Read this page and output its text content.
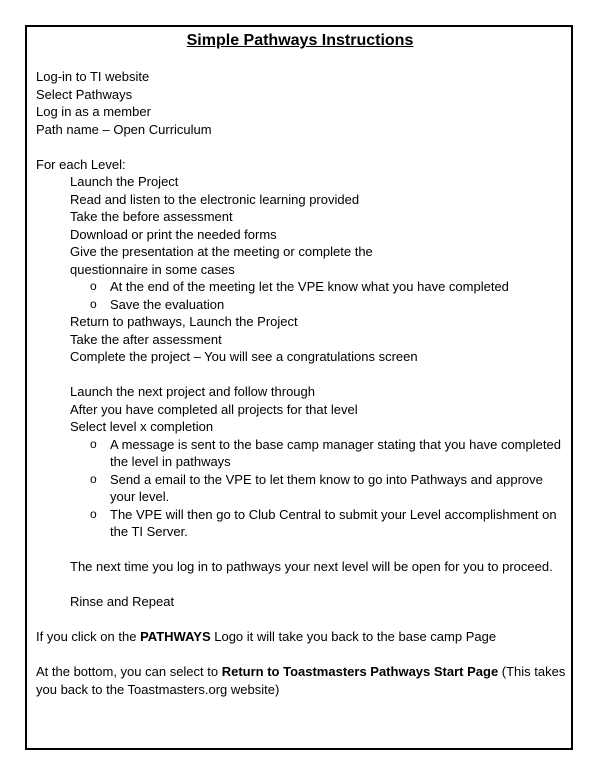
Simple Pathways Instructions
Log-in to TI website
Select Pathways
Log in as a member
Path name – Open Curriculum
For each Level:
Launch the Project
Read and listen to the electronic learning provided
Take the before assessment
Download or print the needed forms
Give the presentation at the meeting or complete the
questionnaire in some cases
o At the end of the meeting let the VPE know what you have completed
o Save the evaluation
Return to pathways, Launch the Project
Take the after assessment
Complete the project – You will see a congratulations screen
Launch the next project and follow through
After you have completed all projects for that level
Select level x completion
o A message is sent to the base camp manager stating that you have completed the level in pathways
o Send a email to the VPE to let them know to go into Pathways and approve your level.
o The VPE will then go to Club Central to submit your Level accomplishment on the TI Server.
The next time you log in to pathways your next level will be open for you to proceed.
Rinse and Repeat
If you click on the PATHWAYS Logo it will take you back to the base camp Page
At the bottom, you can select to Return to Toastmasters Pathways Start Page (This takes you back to the Toastmasters.org website)
